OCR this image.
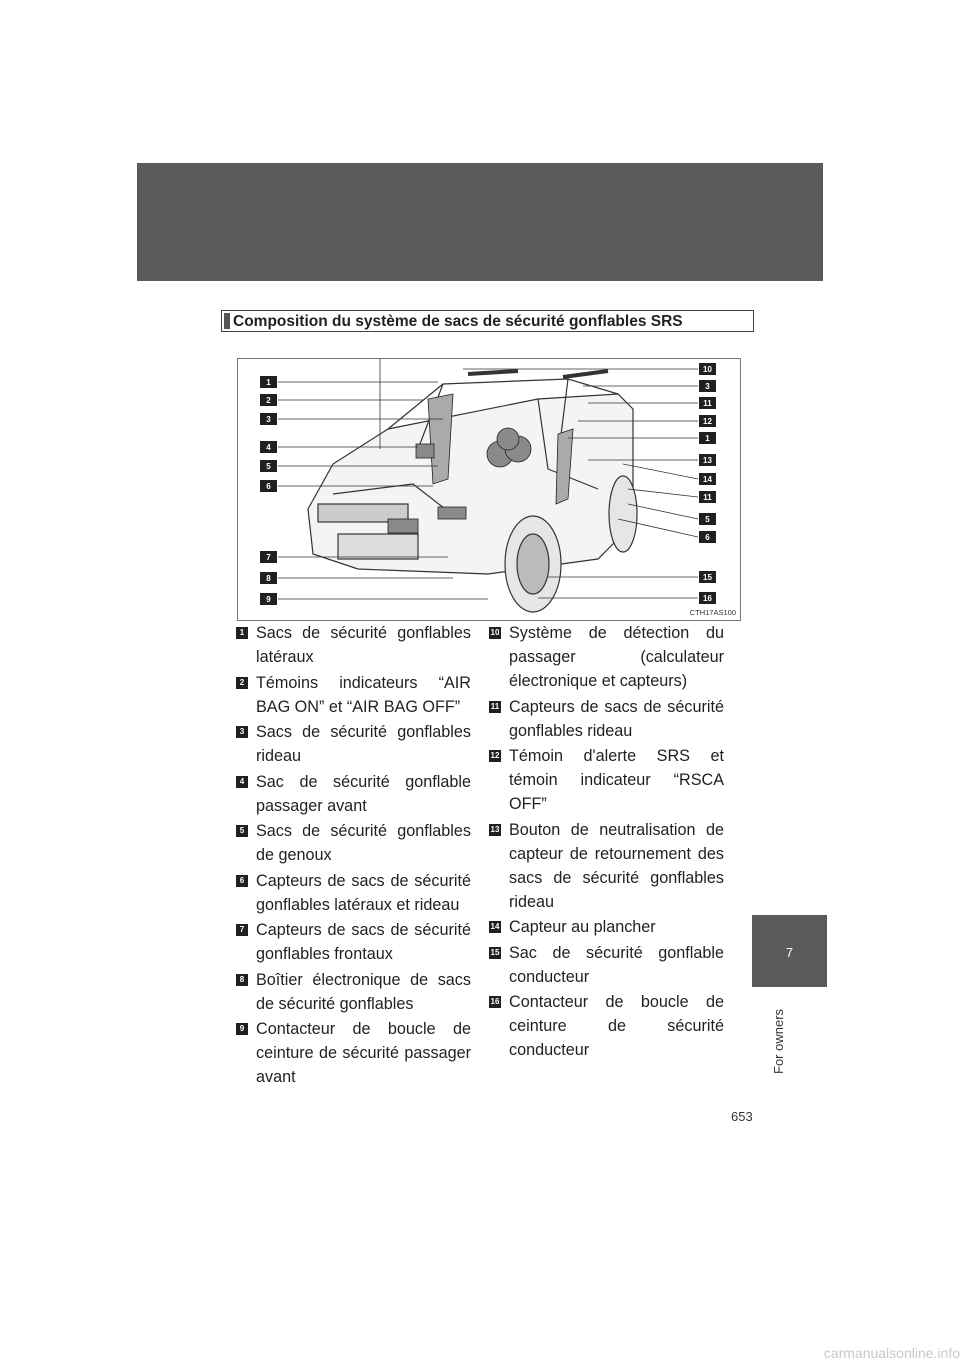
Composition du système de sacs de sécurité gonflables SRS
1
2
3
4
5
6
7
8
9
10
3
11
12
1
13
14
11
5
6
15
16
CTH17AS100
1 Sacs de sécurité gonflables latéraux
2 Témoins indicateurs “AIR BAG ON” et “AIR BAG OFF”
3 Sacs de sécurité gonflables rideau
4 Sac de sécurité gonflable passager avant
5 Sacs de sécurité gonflables de genoux
6 Capteurs de sacs de sécurité gonflables latéraux et rideau
7 Capteurs de sacs de sécurité gonflables frontaux
8 Boîtier électronique de sacs de sécurité gonflables
9 Contacteur de boucle de ceinture de sécurité passager avant
10 Système de détection du passager (calculateur électronique et capteurs)
11 Capteurs de sacs de sécurité gonflables rideau
12 Témoin d'alerte SRS et témoin indicateur “RSCA OFF”
13 Bouton de neutralisation de capteur de retournement des sacs de sécurité gonflables rideau
14 Capteur au plancher
15 Sac de sécurité gonflable conducteur
16 Contacteur de boucle de ceinture de sécurité conducteur
7
For owners
653
carmanualsonline.info
